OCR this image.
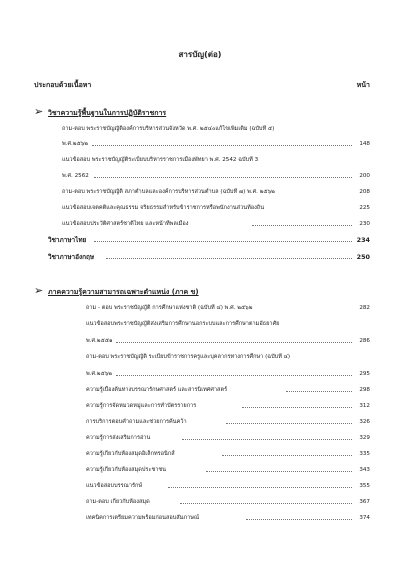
สารบัญ(ต่อ)
ประกอบด้วยเนื้อหา	หน้า
➢ วิชาความรู้พื้นฐานในการปฏิบัติราชการ
ถาม-ตอบ พระราชบัญญัติองค์การบริหารส่วนจังหวัด พ.ศ. ๒๕๔๐แก้ไขเพิ่มเติม (ฉบับที่ ๕)
พ.ศ.๒๕๖๒	148
แนวข้อสอบ พระราชบัญญัติระเบียบบริหารราชการเมืองพัทยา พ.ศ. 2542 ฉบับที่ 3
พ.ศ. 2562	200
ถาม-ตอบ พระราชบัญญัติ สภาตำบลและองค์การบริหารส่วนตำบล (ฉบับที่ ๗) พ.ศ. ๒๕๖๒	208
แนวข้อสอบเจตคติและคุณธรรม จริยธรรมสำหรับข้าราชการหรือพนักงานส่วนท้องถิ่น	225
แนวข้อสอบประวัติศาสตร์ชาติไทย และหน้าที่พลเมือง	230
วิชาภาษาไทย	234
วิชาภาษาอังกฤษ	250
➢ ภาคความรู้ความสามารถเฉพาะตำแหน่ง (ภาค ข)
ถาม - ตอบ พระราชบัญญัติ การศึกษาแห่งชาติ (ฉบับที่ ๔) พ.ศ. ๒๕๖๒	282
แนวข้อสอบพระราชบัญญัติส่งเสริมการศึกษานอกระบบและการศึกษาตามอัธยาศัย
พ.ศ.๒๕๕๑	286
ถาม-ตอบ พระราชบัญญัติ ระเบียบข้าราชการครูและบุคลากรทางการศึกษา (ฉบับที่ ๔)
พ.ศ.๒๕๖๒	295
ความรู้เบื้องต้นทางบรรณารักษศาสตร์ และสารนิเทศศาสตร์	298
ความรู้การจัดหมวดหมู่และการทำบัตรรายการ	312
การบริการตอบคำถามและช่วยการค้นคว้า	326
ความรู้การส่งเสริมการอ่าน	329
ความรู้เกี่ยวกับห้องสมุดอิเล็กทรอนิกส์	335
ความรู้เกี่ยวกับห้องสมุดประชาชน	343
แนวข้อสอบบรรณารักษ์	355
ถาม-ตอบ เกี่ยวกับห้องสมุด	367
เทคนิคการเตรียมความพร้อมก่อนสอบสัมภาษณ์	374
